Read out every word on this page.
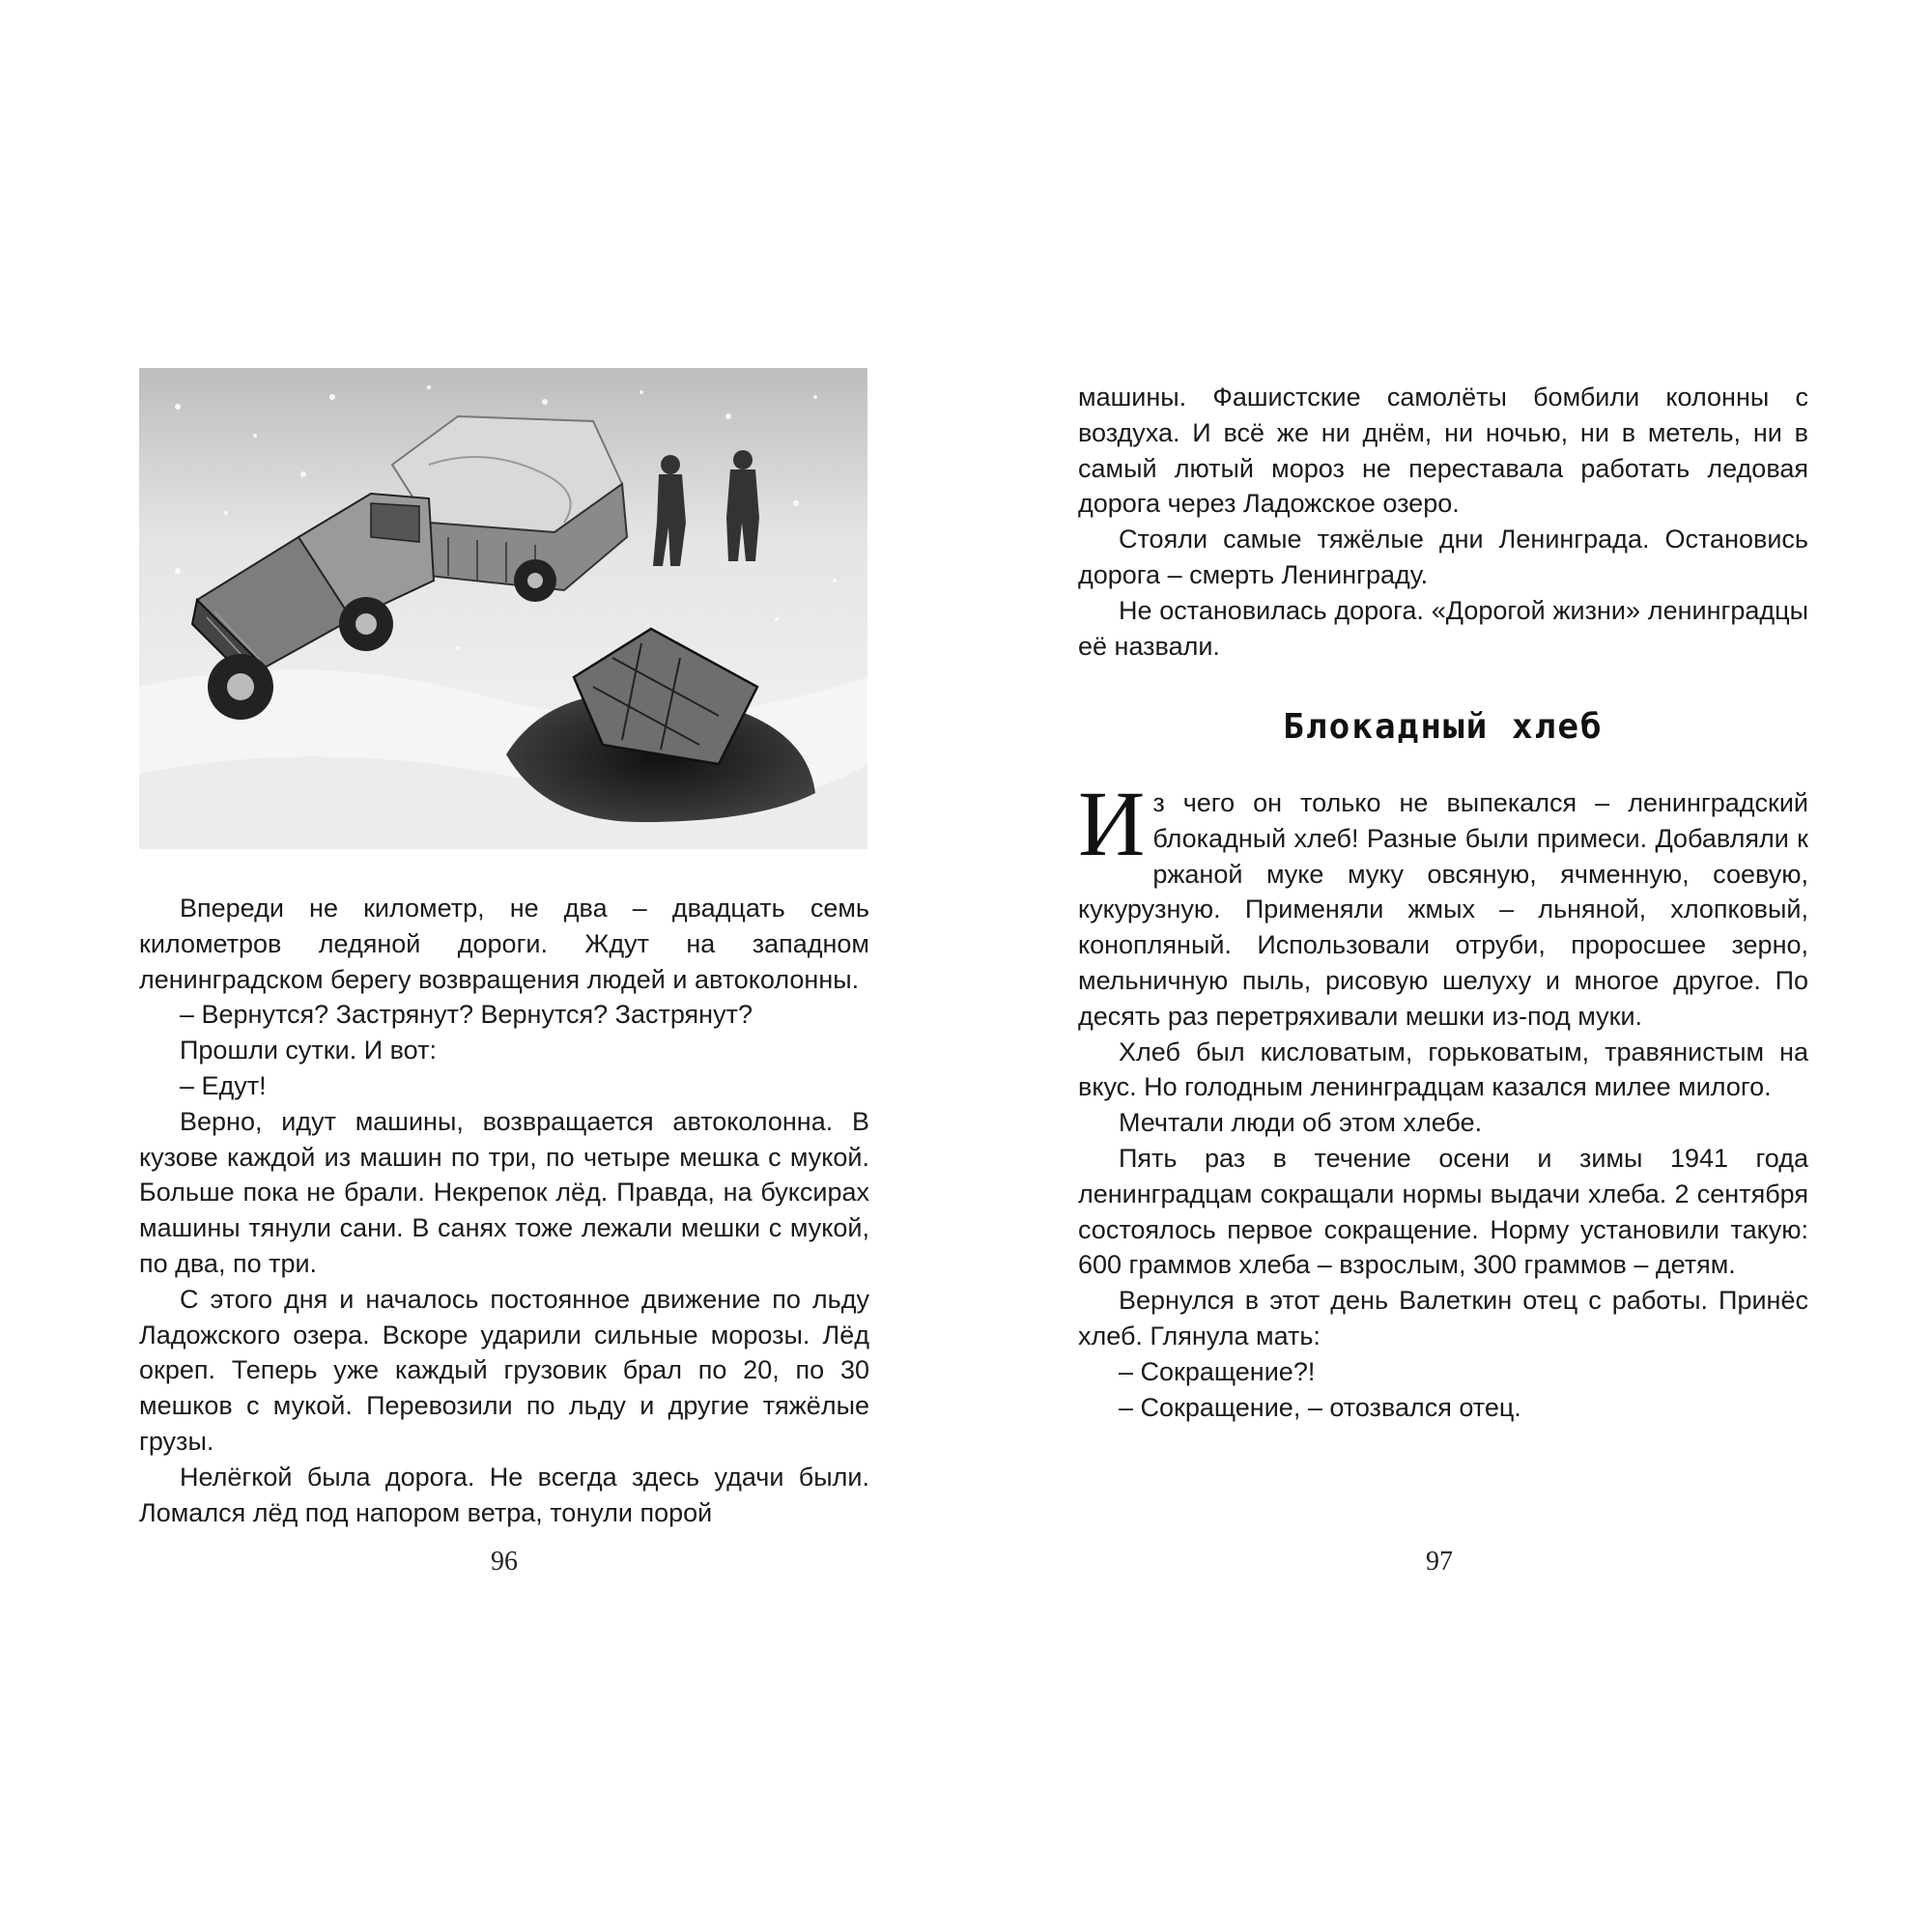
Впереди не километр, не два – двадцать семь километров ледяной дороги. Ждут на западном ленинградском берегу возвращения людей и автоколонны.

– Вернутся? Застрянут? Вернутся? Застрянут?

Прошли сутки. И вот:

– Едут!

Верно, идут машины, возвращается автоколонна. В кузове каждой из машин по три, по четыре мешка с мукой. Больше пока не брали. Некрепок лёд. Правда, на буксирах машины тянули сани. В санях тоже лежали мешки с мукой, по два, по три.

С этого дня и началось постоянное движение по льду Ладожского озера. Вскоре ударили сильные морозы. Лёд окреп. Теперь уже каждый грузовик брал по 20, по 30 мешков с мукой. Перевозили по льду и другие тяжёлые грузы.

Нелёгкой была дорога. Не всегда здесь удачи были. Ломался лёд под напором ветра, тонули порой

96

машины. Фашистские самолёты бомбили колонны с воздуха. И всё же ни днём, ни ночью, ни в метель, ни в самый лютый мороз не переставала работать ледовая дорога через Ладожское озеро.

Стояли самые тяжёлые дни Ленинграда. Остановись дорога – смерть Ленинграду.

Не остановилась дорога. «Дорогой жизни» ленинградцы её назвали.

Блокадный хлеб

Из чего он только не выпекался – ленинградский блокадный хлеб! Разные были примеси. Добавляли к ржаной муке муку овсяную, ячменную, соевую, кукурузную. Применяли жмых – льняной, хлопковый, конопляный. Использовали отруби, проросшее зерно, мельничную пыль, рисовую шелуху и многое другое. По десять раз перетряхивали мешки из-под муки.

Хлеб был кисловатым, горьковатым, травянистым на вкус. Но голодным ленинградцам казался милее милого.

Мечтали люди об этом хлебе.

Пять раз в течение осени и зимы 1941 года ленинградцам сокращали нормы выдачи хлеба. 2 сентября состоялось первое сокращение. Норму установили такую: 600 граммов хлеба – взрослым, 300 граммов – детям.

Вернулся в этот день Валеткин отец с работы. Принёс хлеб. Глянула мать:

– Сокращение?!

– Сокращение, – отозвался отец.

97
